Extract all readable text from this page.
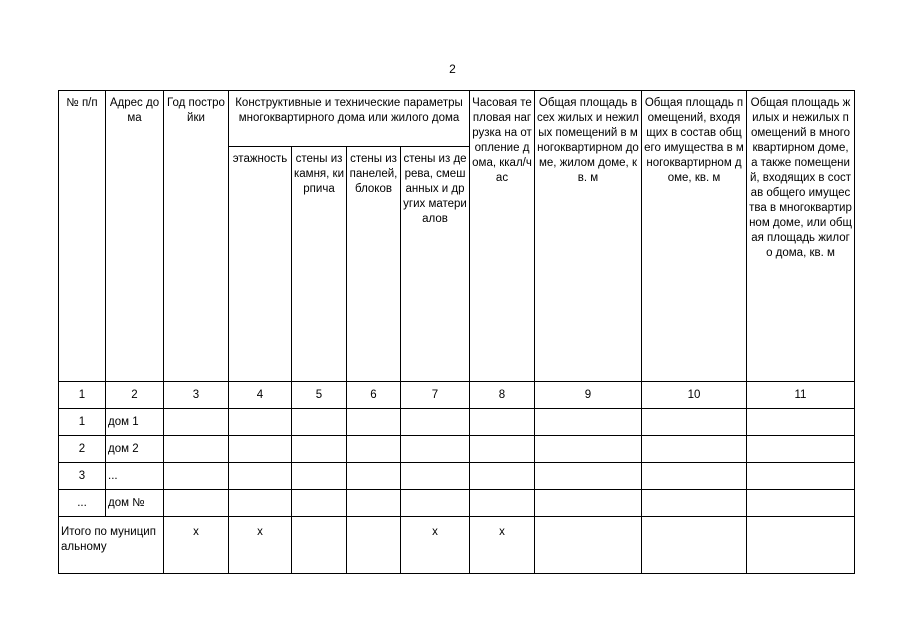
2
№ п/п	Адрес дома	Год постройки	Конструктивные и технические параметры многоквартирного дома или жилого дома				Часовая тепловая нагрузка на отопление дома, ккал/час	Общая площадь всех жилых и нежилых помещений в многоквартирном доме, жилом доме, кв. м	Общая площадь помещений, входящих в состав общего имущества в многоквартирном доме, кв. м	Общая площадь жилых и нежилых помещений в многоквартирном доме, а также помещений, входящих в состав общего имущества в многоквартирном доме, или общая площадь жилого дома, кв. м
			этажность	стены из камня, кирпича	стены из панелей, блоков	стены из дерева, смешанных и других материалов				
1	2	3	4	5	6	7	8	9	10	11
1	дом 1									
2	дом 2									
3	...									
...	дом №									
Итого по муниципальному		х	х			х	х			
